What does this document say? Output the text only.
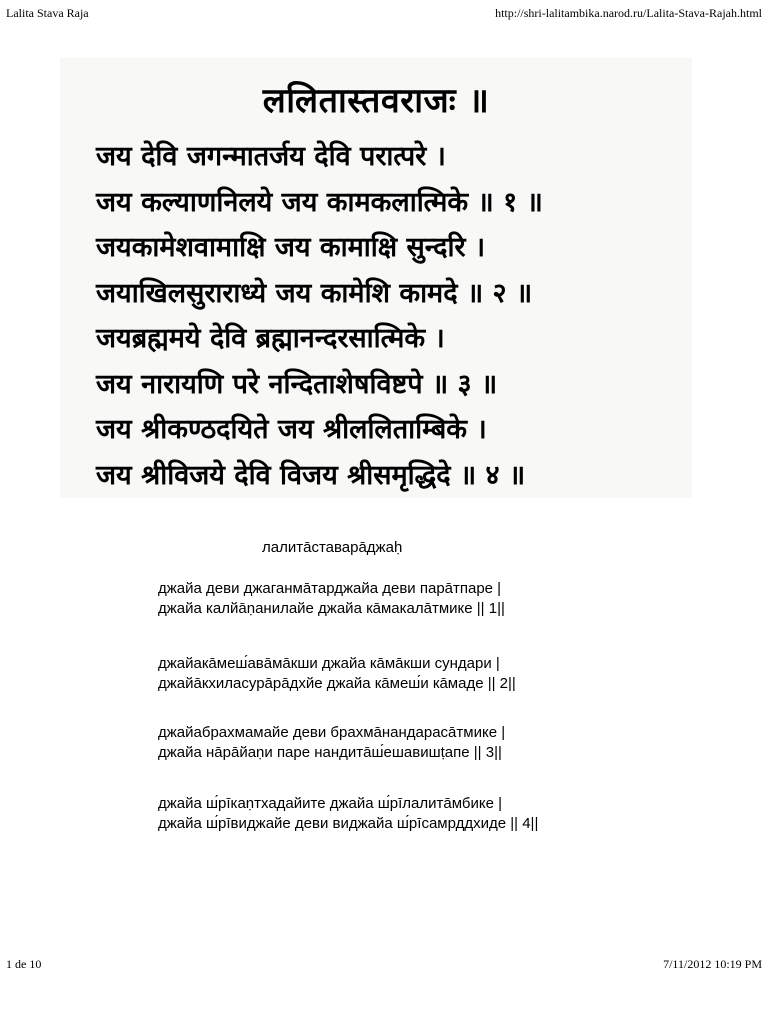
Lalita Stava Raja	http://shri-lalitambika.narod.ru/Lalita-Stava-Rajah.html
ललितास्तवराजः ॥
जय देवि जगन्मातर्जय देवि परात्परे ।
जय कल्याणनिलये जय कामकलात्मिके ॥ १ ॥
जयकामेशवामाक्षि जय कामाक्षि सुन्दरि ।
जयाखिलसुराराध्ये जय कामेशि कामदे ॥ २ ॥
जयब्रह्ममये देवि ब्रह्मानन्दरसात्मिके ।
जय नारायणि परे नन्दिताशेषविष्टपे ॥ ३ ॥
जय श्रीकण्ठदयिते जय श्रीललिताम्बिके ।
जय श्रीविजये देवि विजय श्रीसमृद्धिदे ॥ ४ ॥
лалитāставарāджаḥ
джайа деви джаганмāтарджайа деви парāтпаре |
джайа калйāṇанилайе джайа кāмакалāтмике || 1||
джайакāмеш́авāмāкши джайа кāмāкши сундари |
джайāкхиласурāрāдхйе джайа кāмеш́и кāмаде || 2||
джайабрахмамайе деви брахмāнандарасāтмике |
джайа нāрāйаṇи паре нандитāш́ешавишṭапе || 3||
джайа ш́рīкаṇтхадайите джайа ш́рīлалитāмбике |
джайа ш́рīвиджайе деви виджайа ш́рīсамрддхиде || 4||
1 de 10	7/11/2012 10:19 PM
